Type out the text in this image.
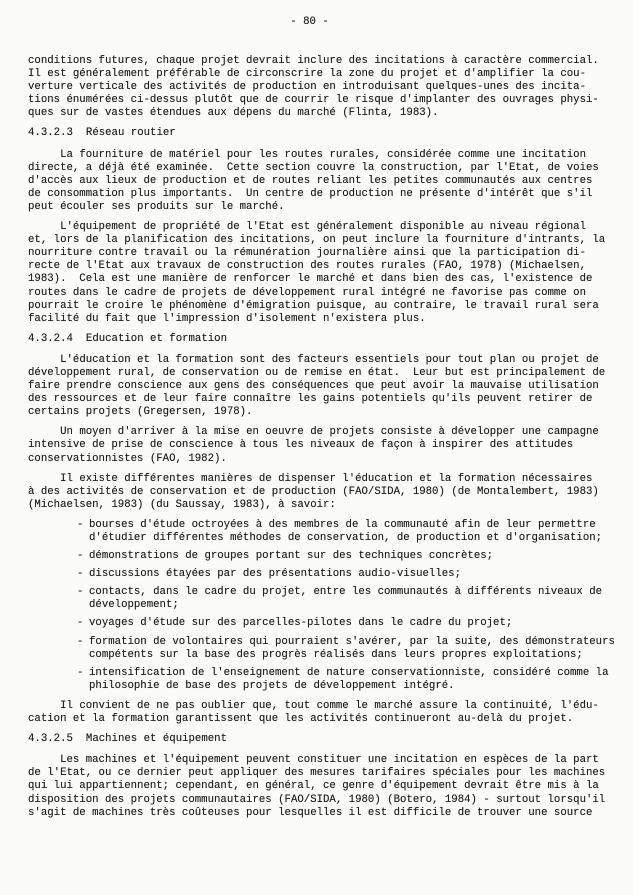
- 80 -

conditions futures, chaque projet devrait inclure des incitations à caractère commercial.
Il est généralement préférable de circonscrire la zone du projet et d'amplifier la cou-
verture verticale des activités de production en introduisant quelques-unes des incita-
tions énumérées ci-dessus plutôt que de courrir le risque d'implanter des ouvrages physi-
ques sur de vastes étendues aux dépens du marché (Flinta, 1983).

4.3.2.3 Réseau routier

La fourniture de matériel pour les routes rurales, considérée comme une incitation
directe, a déjà été examinée.  Cette section couvre la construction, par l'Etat, de voies
d'accès aux lieux de production et de routes reliant les petites communautés aux centres
de consommation plus importants.  Un centre de production ne présente d'intérêt que s'il
peut écouler ses produits sur le marché.

L'équipement de propriété de l'Etat est généralement disponible au niveau régional
et, lors de la planification des incitations, on peut inclure la fourniture d'intrants, la
nourriture contre travail ou la rémunération journalière ainsi que la participation di-
recte de l'Etat aux travaux de construction des routes rurales (FAO, 1978) (Michaelsen,
1983).  Cela est une manière de renforcer le marché et dans bien des cas, l'existence de
routes dans le cadre de projets de développement rural intégré ne favorise pas comme on
pourrait le croire le phénomène d'émigration puisque, au contraire, le travail rural sera
facilité du fait que l'impression d'isolement n'existera plus.

4.3.2.4 Education et formation

L'éducation et la formation sont des facteurs essentiels pour tout plan ou projet de
développement rural, de conservation ou de remise en état.  Leur but est principalement de
faire prendre conscience aux gens des conséquences que peut avoir la mauvaise utilisation
des ressources et de leur faire connaître les gains potentiels qu'ils peuvent retirer de
certains projets (Gregersen, 1978).

Un moyen d'arriver à la mise en oeuvre de projets consiste à développer une campagne
intensive de prise de conscience à tous les niveaux de façon à inspirer des attitudes
conservationnistes (FAO, 1982).

Il existe différentes manières de dispenser l'éducation et la formation nécessaires
à des activités de conservation et de production (FAO/SIDA, 1980) (de Montalembert, 1983)
(Michaelsen, 1983) (du Saussay, 1983), à savoir:

- bourses d'étude octroyées à des membres de la communauté afin de leur permettre
d'étudier différentes méthodes de conservation, de production et d'organisation;
- démonstrations de groupes portant sur des techniques concrètes;
- discussions étayées par des présentations audio-visuelles;
- contacts, dans le cadre du projet, entre les communautés à différents niveaux de
développement;
- voyages d'étude sur des parcelles-pilotes dans le cadre du projet;
- formation de volontaires qui pourraient s'avérer, par la suite, des démonstrateurs
compétents sur la base des progrès réalisés dans leurs propres exploitations;
- intensification de l'enseignement de nature conservationniste, considéré comme la
philosophie de base des projets de développement intégré.

Il convient de ne pas oublier que, tout comme le marché assure la continuité, l'édu-
cation et la formation garantissent que les activités continueront au-delà du projet.

4.3.2.5 Machines et équipement

Les machines et l'équipement peuvent constituer une incitation en espèces de la part
de l'Etat, ou ce dernier peut appliquer des mesures tarifaires spéciales pour les machines
qui lui appartiennent; cependant, en général, ce genre d'équipement devrait être mis à la
disposition des projets communautaires (FAO/SIDA, 1980) (Botero, 1984) - surtout lorsqu'il
s'agit de machines très coûteuses pour lesquelles il est difficile de trouver une source
